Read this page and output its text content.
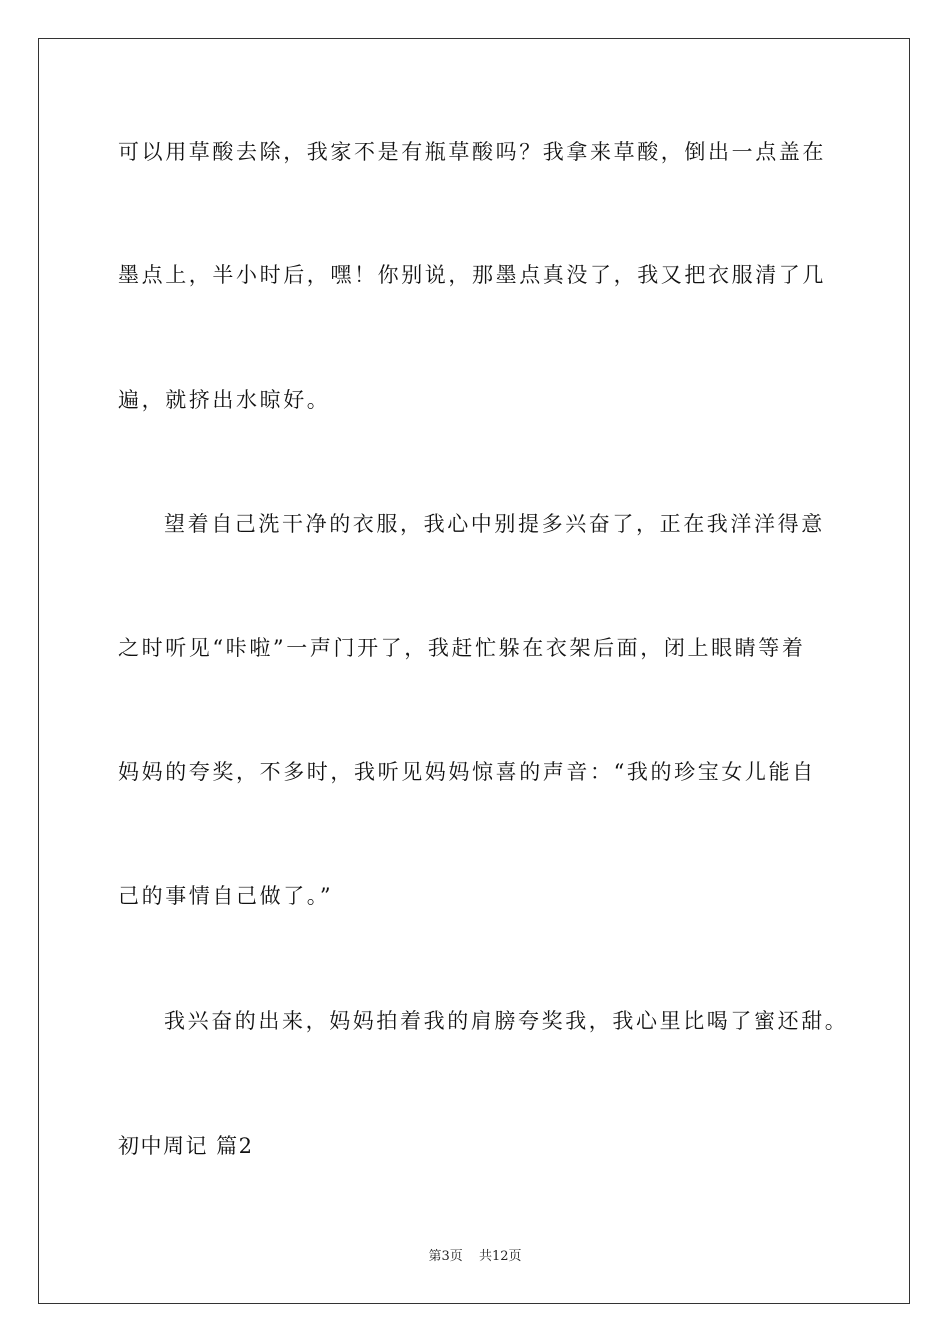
可以用草酸去除，我家不是有瓶草酸吗？我拿来草酸，倒出一点盖在
墨点上，半小时后，嘿！你别说，那墨点真没了，我又把衣服清了几
遍，就挤出水晾好。
望着自己洗干净的衣服，我心中别提多兴奋了，正在我洋洋得意
之时听见“咔啦”一声门开了，我赶忙躲在衣架后面，闭上眼睛等着
妈妈的夸奖，不多时，我听见妈妈惊喜的声音：“我的珍宝女儿能自
己的事情自己做了。”
我兴奋的出来，妈妈拍着我的肩膀夸奖我，我心里比喝了蜜还甜。
初中周记 篇2
第3页 共12页
